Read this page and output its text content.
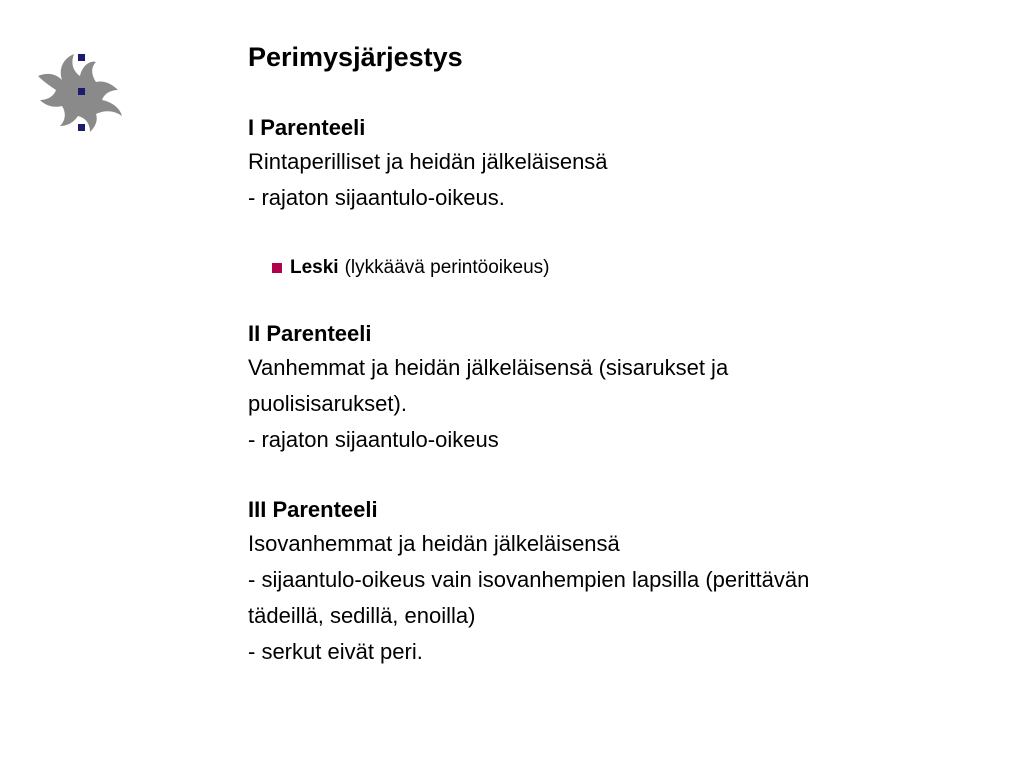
Perimysjärjestys

I Parenteeli

Rintaperilliset ja heidän jälkeläisensä

- rajaton sijaantulo-oikeus.

Leski (lykkäävä perintöoikeus)

II Parenteeli

Vanhemmat ja heidän jälkeläisensä (sisarukset ja

puolisisarukset).

- rajaton sijaantulo-oikeus

III Parenteeli

Isovanhemmat ja heidän jälkeläisensä

- sijaantulo-oikeus vain isovanhempien lapsilla (perittävän

tädeillä, sedillä, enoilla)

- serkut eivät peri.
